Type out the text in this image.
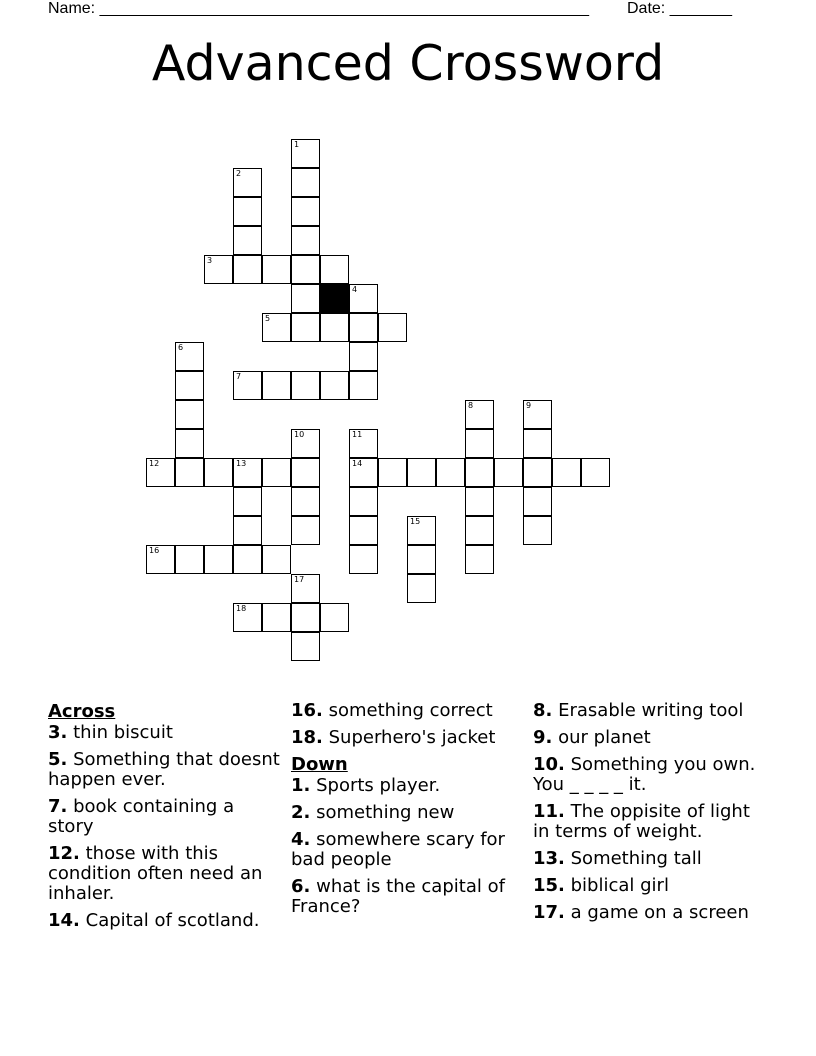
Name: _______________________________________________________ Date: _______
Advanced Crossword
1
2
3
4
5
6
7
8	9
10	11
12	13	14
15
16
17
18
Across
3. thin biscuit
5. Something that doesnt happen ever.
7. book containing a story
12. those with this condition often need an inhaler.
14. Capital of scotland.
16. something correct
18. Superhero's jacket
Down
1. Sports player.
2. something new
4. somewhere scary for bad people
6. what is the capital of France?
8. Erasable writing tool
9. our planet
10. Something you own. You _ _ _ _ it.
11. The oppisite of light in terms of weight.
13. Something tall
15. biblical girl
17. a game on a screen
